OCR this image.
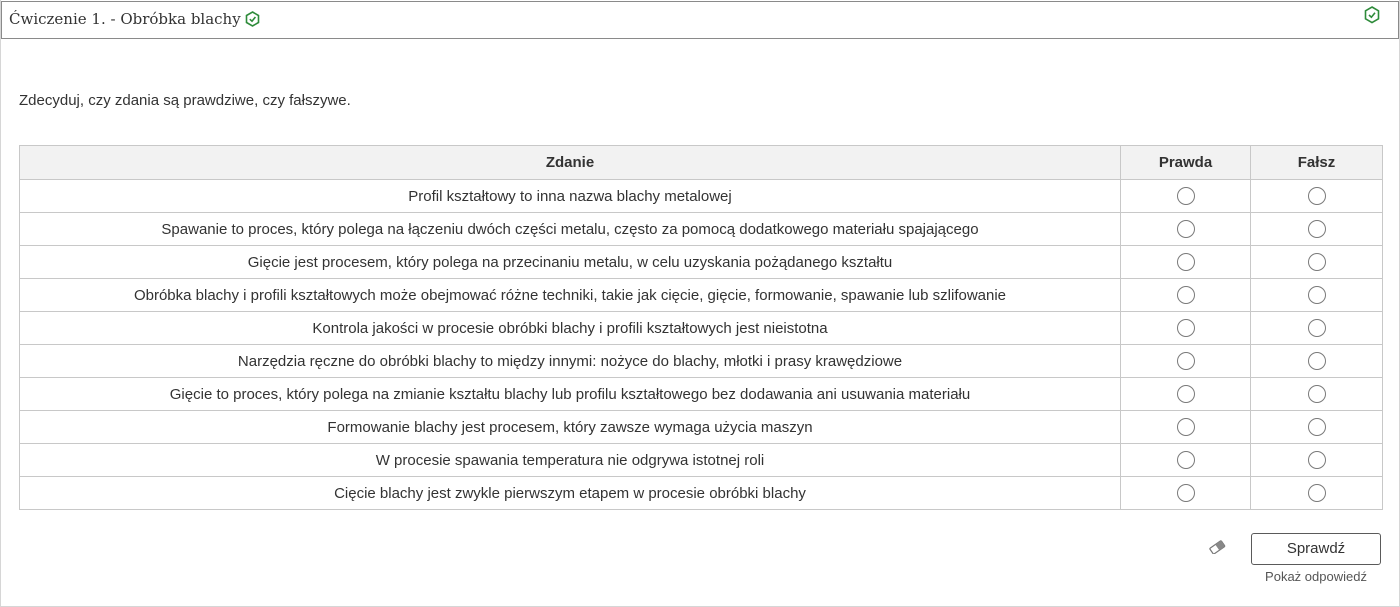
Ćwiczenie 1. - Obróbka blachy
Zdecyduj, czy zdania są prawdziwe, czy fałszywe.
Zdanie	Prawda	Fałsz
Profil kształtowy to inna nazwa blachy metalowej		
Spawanie to proces, który polega na łączeniu dwóch części metalu, często za pomocą dodatkowego materiału spajającego		
Gięcie jest procesem, który polega na przecinaniu metalu, w celu uzyskania pożądanego kształtu		
Obróbka blachy i profili kształtowych może obejmować różne techniki, takie jak cięcie, gięcie, formowanie, spawanie lub szlifowanie		
Kontrola jakości w procesie obróbki blachy i profili kształtowych jest nieistotna		
Narzędzia ręczne do obróbki blachy to między innymi: nożyce do blachy, młotki i prasy krawędziowe		
Gięcie to proces, który polega na zmianie kształtu blachy lub profilu kształtowego bez dodawania ani usuwania materiału		
Formowanie blachy jest procesem, który zawsze wymaga użycia maszyn		
W procesie spawania temperatura nie odgrywa istotnej roli		
Cięcie blachy jest zwykle pierwszym etapem w procesie obróbki blachy		
Sprawdź
Pokaż odpowiedź
